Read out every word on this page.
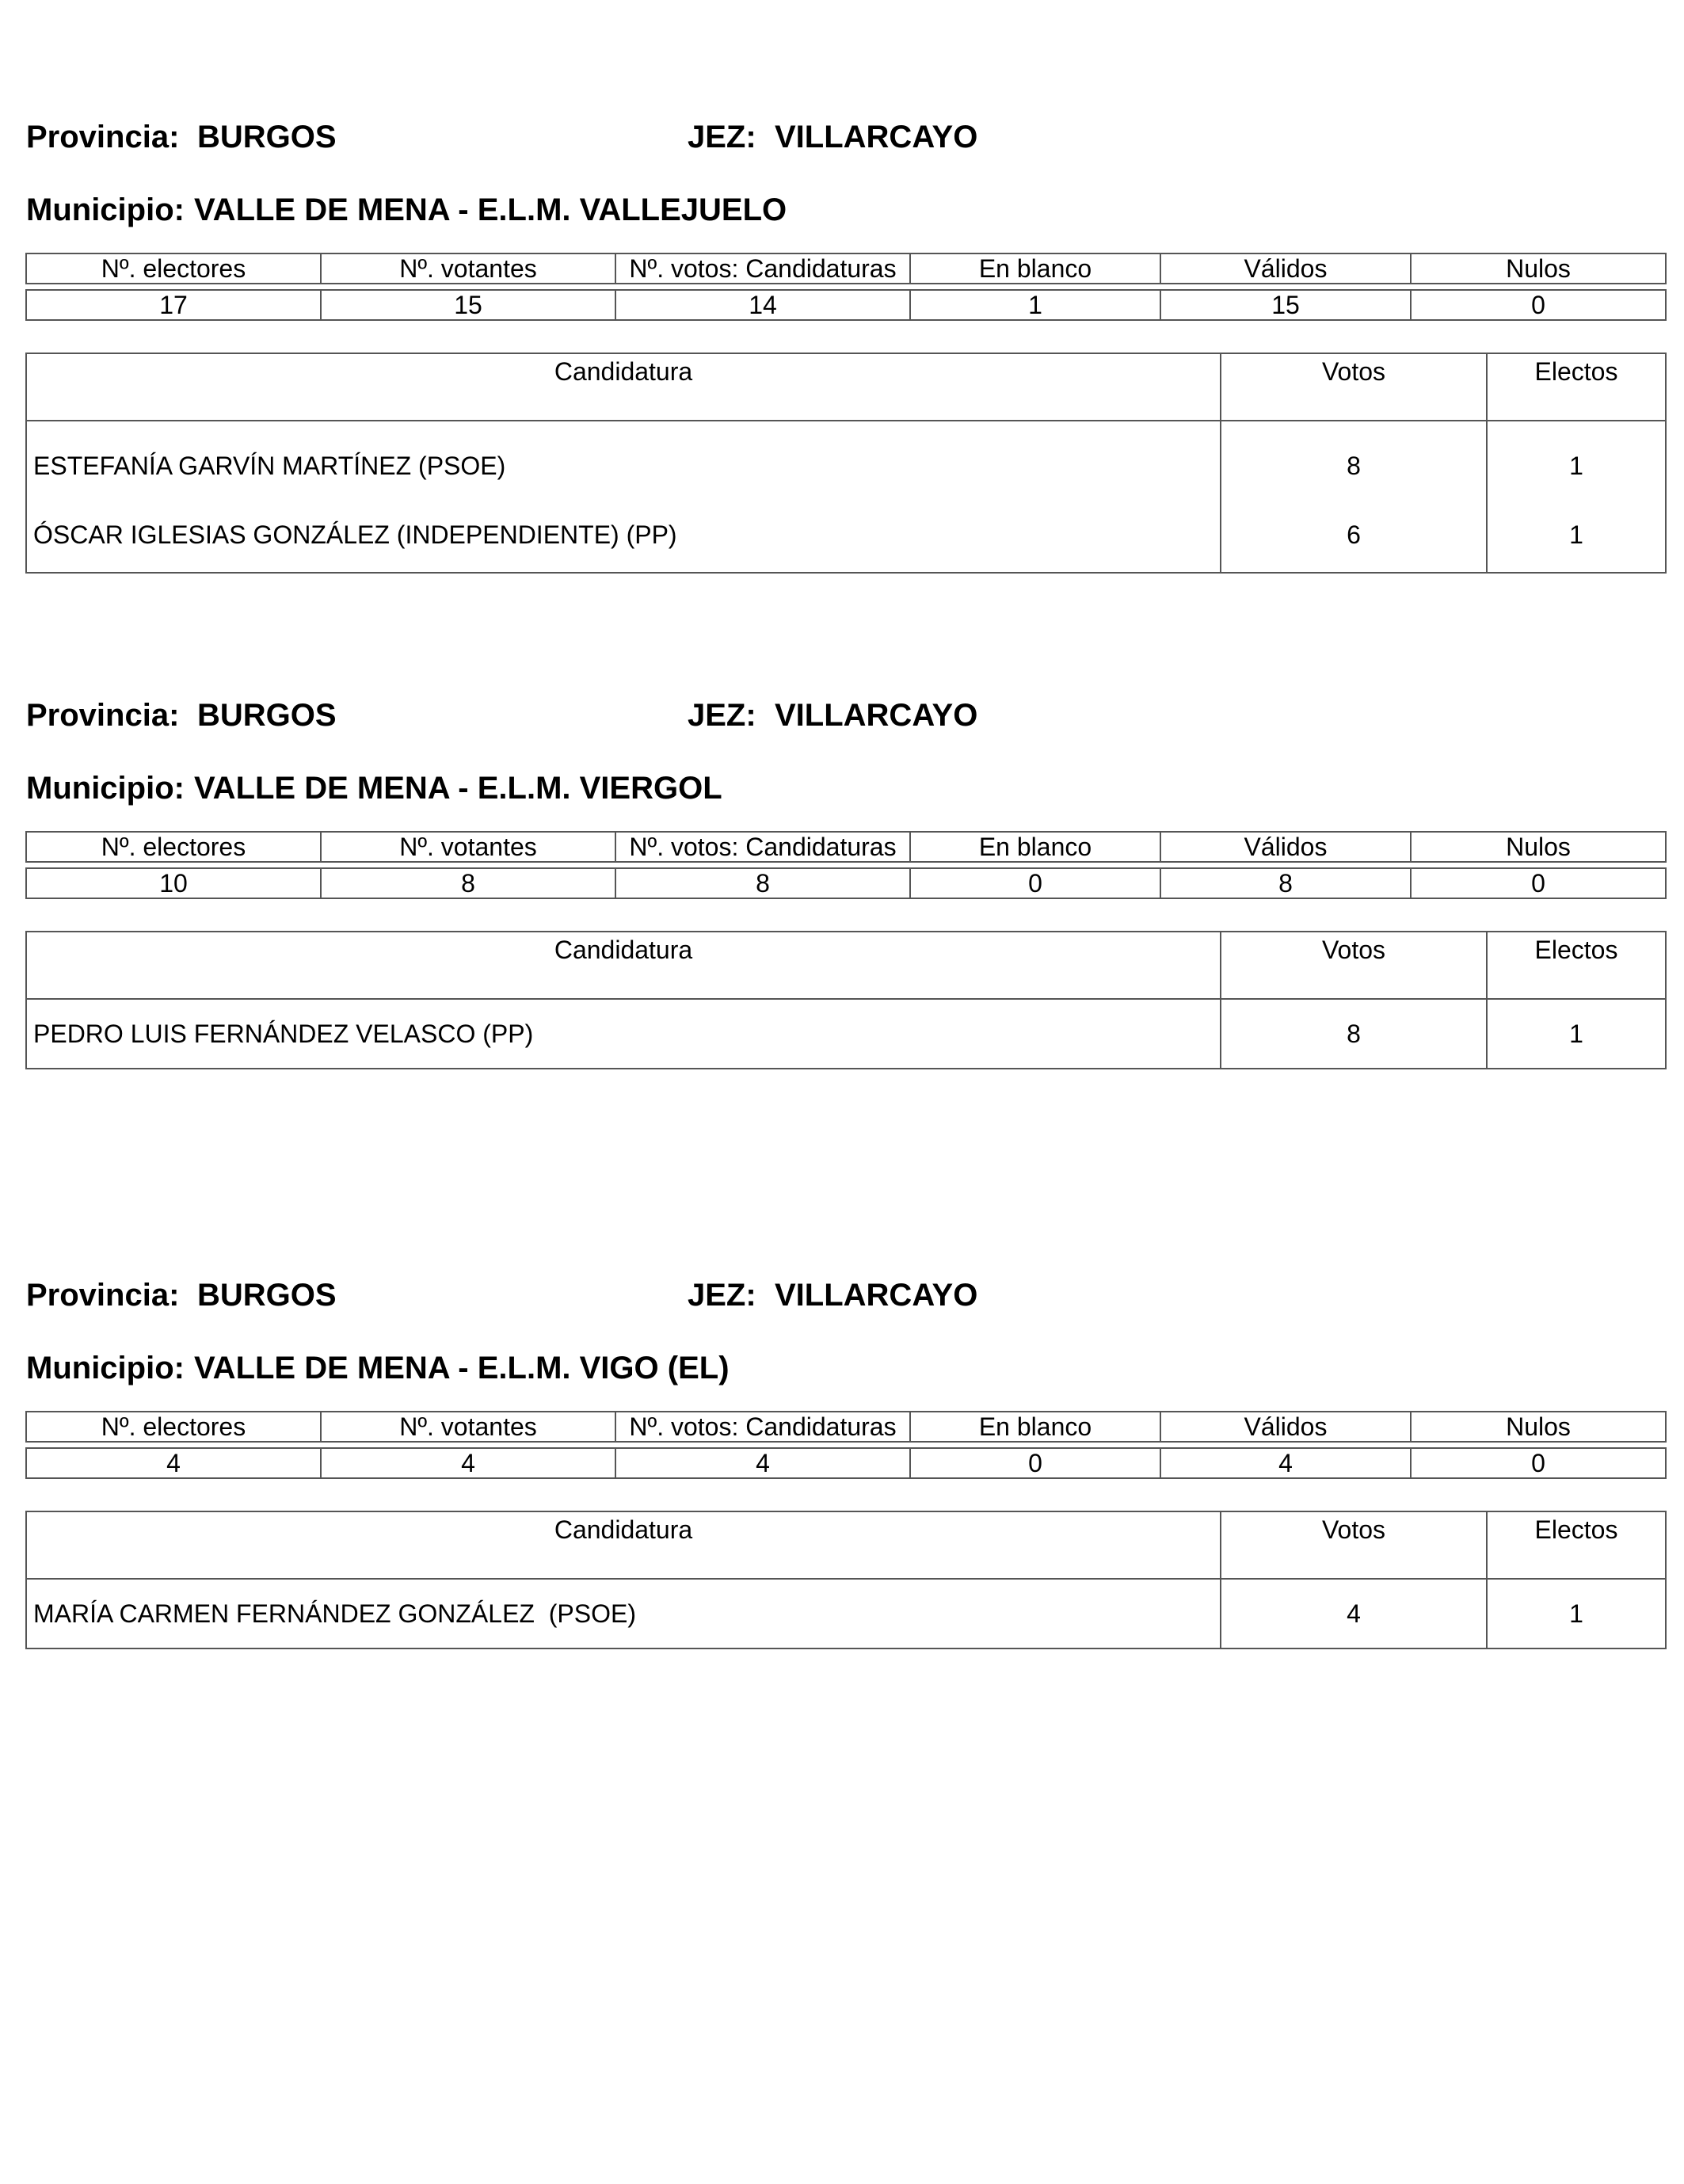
Provincia: BURGOS	JEZ: VILLARCAYO
Municipio: VALLE DE MENA - E.L.M. VALLEJUELO
Nº. electores	Nº. votantes	Nº. votos: Candidaturas	En blanco	Válidos	Nulos

17	15	14	1	15	0
Candidatura	Votos	Electos
ESTEFANÍA GARVÍN MARTÍNEZ (PSOE)	8	1
ÓSCAR IGLESIAS GONZÁLEZ (INDEPENDIENTE) (PP)	6	1
Provincia: BURGOS	JEZ: VILLARCAYO
Municipio: VALLE DE MENA - E.L.M. VIERGOL
Nº. electores	Nº. votantes	Nº. votos: Candidaturas	En blanco	Válidos	Nulos

10	8	8	0	8	0
Candidatura	Votos	Electos
PEDRO LUIS FERNÁNDEZ VELASCO (PP)	8	1
Provincia: BURGOS	JEZ: VILLARCAYO
Municipio: VALLE DE MENA - E.L.M. VIGO (EL)
Nº. electores	Nº. votantes	Nº. votos: Candidaturas	En blanco	Válidos	Nulos

4	4	4	0	4	0
Candidatura	Votos	Electos
MARÍA CARMEN FERNÁNDEZ GONZÁLEZ  (PSOE)	4	1
